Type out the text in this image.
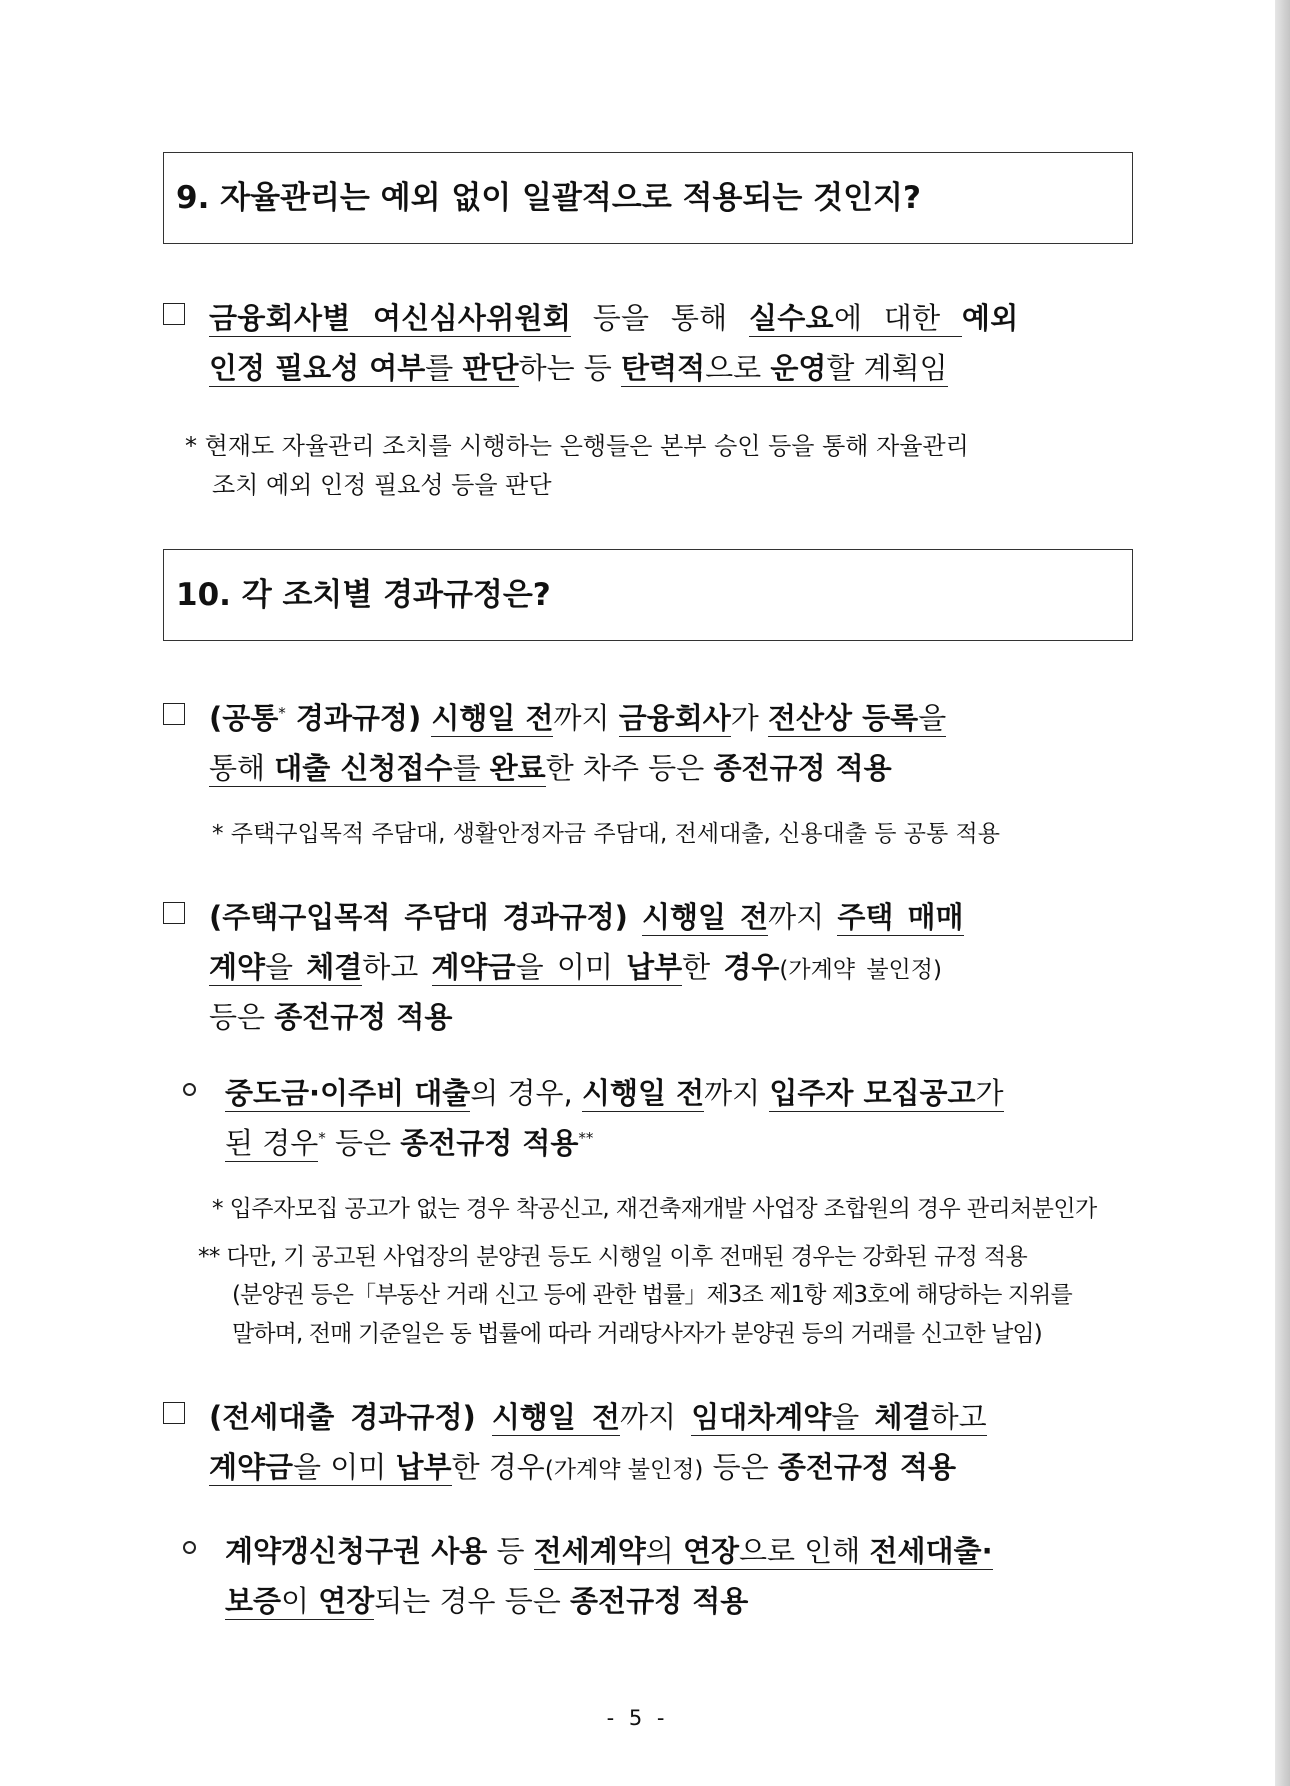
9. 자율관리는 예외 없이 일괄적으로 적용되는 것인지?
금융회사별 여신심사위원회 등을 통해 실수요에 대한 예외
인정 필요성 여부를 판단하는 등 탄력적으로 운영할 계획임
* 현재도 자율관리 조치를 시행하는 은행들은 본부 승인 등을 통해 자율관리
조치 예외 인정 필요성 등을 판단
10. 각 조치별 경과규정은?
(공통* 경과규정) 시행일 전까지 금융회사가 전산상 등록을
통해 대출 신청접수를 완료한 차주 등은 종전규정 적용
* 주택구입목적 주담대, 생활안정자금 주담대, 전세대출, 신용대출 등 공통 적용
(주택구입목적 주담대 경과규정) 시행일 전까지 주택 매매
계약을 체결하고 계약금을 이미 납부한 경우(가계약 불인정)
등은 종전규정 적용
중도금·이주비 대출의 경우, 시행일 전까지 입주자 모집공고가
된 경우* 등은 종전규정 적용**
* 입주자모집 공고가 없는 경우 착공신고, 재건축재개발 사업장 조합원의 경우 관리처분인가
** 다만, 기 공고된 사업장의 분양권 등도 시행일 이후 전매된 경우는 강화된 규정 적용
(분양권 등은「부동산 거래 신고 등에 관한 법률」제3조 제1항 제3호에 해당하는 지위를
말하며, 전매 기준일은 동 법률에 따라 거래당사자가 분양권 등의 거래를 신고한 날임)
(전세대출 경과규정) 시행일 전까지 임대차계약을 체결하고
계약금을 이미 납부한 경우(가계약 불인정) 등은 종전규정 적용
계약갱신청구권 사용 등 전세계약의 연장으로 인해 전세대출·
보증이 연장되는 경우 등은 종전규정 적용
- 5 -
